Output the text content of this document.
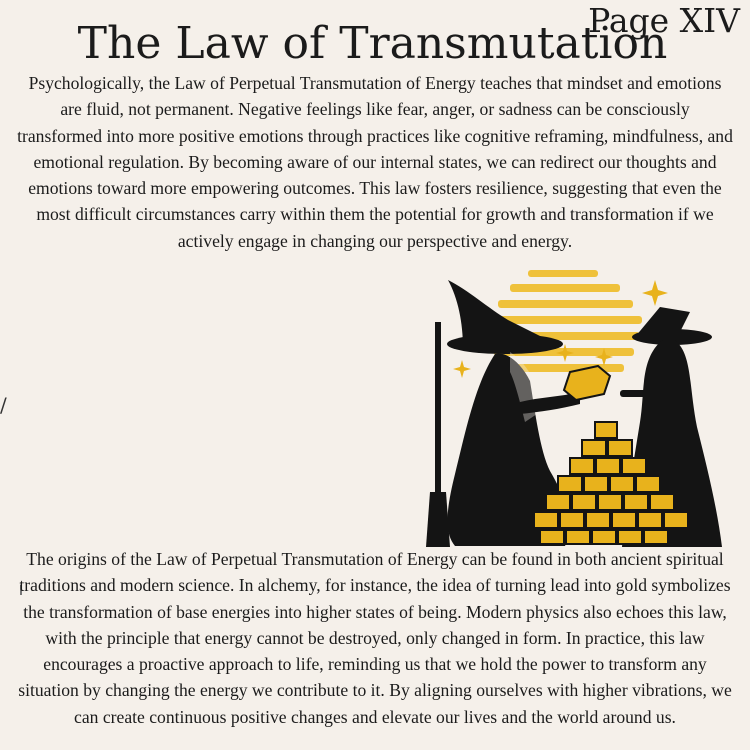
Page XIV
The Law of Transmutation
Psychologically, the Law of Perpetual Transmutation of Energy teaches that mindset and emotions are fluid, not permanent. Negative feelings like fear, anger, or sadness can be consciously transformed into more positive emotions through practices like cognitive reframing, mindfulness, and emotional regulation. By becoming aware of our internal states, we can redirect our thoughts and emotions toward more empowering outcomes. This law fosters resilience, suggesting that even the most difficult circumstances carry within them the potential for growth and transformation if we actively engage in changing our perspective and energy.
/
The origins of the Law of Perpetual Transmutation of Energy can be found in both ancient spiritual traditions and modern science. In alchemy, for instance, the idea of turning lead into gold symbolizes the transformation of base energies into higher states of being. Modern physics also echoes this law, with the principle that energy cannot be destroyed, only changed in form. In practice, this law encourages a proactive approach to life, reminding us that we hold the power to transform any situation by changing the energy we contribute to it. By aligning ourselves with higher vibrations, we can create continuous positive changes and elevate our lives and the world around us.
